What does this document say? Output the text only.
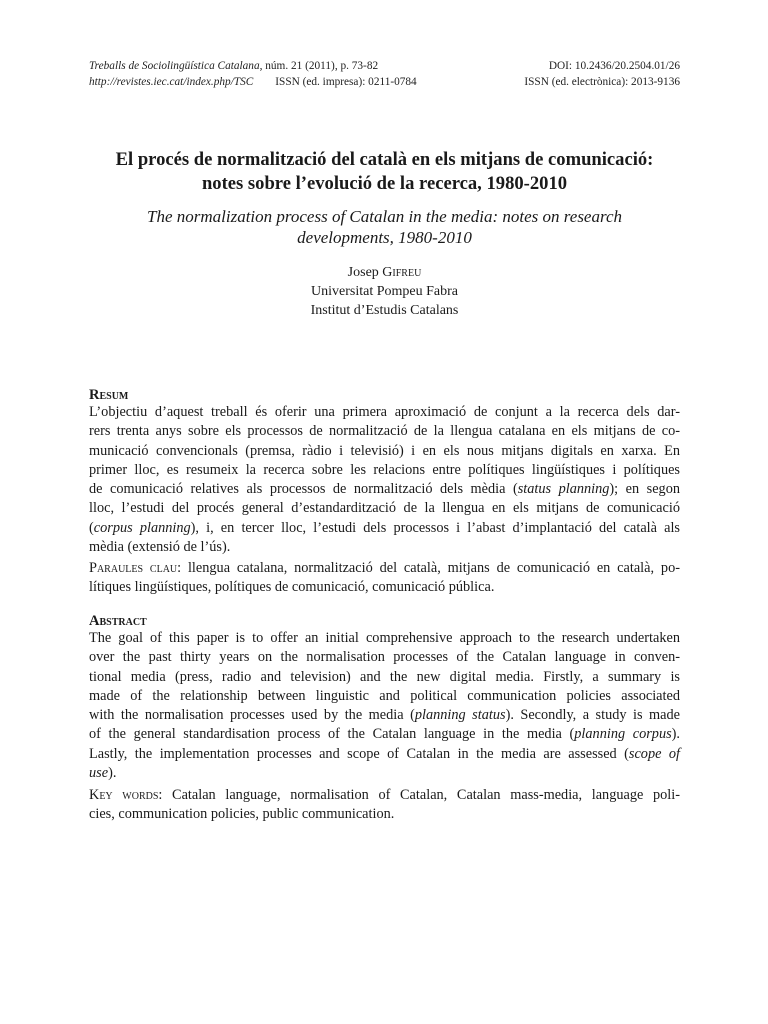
Treballs de Sociolingüística Catalana, núm. 21 (2011), p. 73-82	DOI: 10.2436/20.2504.01/26
http://revistes.iec.cat/index.php/TSC ISSN (ed. impresa): 0211-0784	ISSN (ed. electrònica): 2013-9136
El procés de normalització del català en els mitjans de comunicació:
notes sobre l’evolució de la recerca, 1980-2010
The normalization process of Catalan in the media: notes on research
developments, 1980-2010
Josep Gifreu
Universitat Pompeu Fabra
Institut d’Estudis Catalans
Resum
L’objectiu d’aquest treball és oferir una primera aproximació de conjunt a la recerca dels dar-
rers trenta anys sobre els processos de normalització de la llengua catalana en els mitjans de co-
municació convencionals (premsa, ràdio i televisió) i en els nous mitjans digitals en xarxa. En
primer lloc, es resumeix la recerca sobre les relacions entre polítiques lingüístiques i polítiques
de comunicació relatives als processos de normalització dels mèdia (status planning); en segon
lloc, l’estudi del procés general d’estandardització de la llengua en els mitjans de comunicació
(corpus planning), i, en tercer lloc, l’estudi dels processos i l’abast d’implantació del català als
mèdia (extensió de l’ús).
Paraules clau: llengua catalana, normalització del català, mitjans de comunicació en català, po-
lítiques lingüístiques, polítiques de comunicació, comunicació pública.
Abstract
The goal of this paper is to offer an initial comprehensive approach to the research undertaken
over the past thirty years on the normalisation processes of the Catalan language in conven-
tional media (press, radio and television) and the new digital media. Firstly, a summary is
made of the relationship between linguistic and political communication policies associated
with the normalisation processes used by the media (planning status). Secondly, a study is made
of the general standardisation process of the Catalan language in the media (planning corpus).
Lastly, the implementation processes and scope of Catalan in the media are assessed (scope of
use).
Key words: Catalan language, normalisation of Catalan, Catalan mass-media, language poli-
cies, communication policies, public communication.
